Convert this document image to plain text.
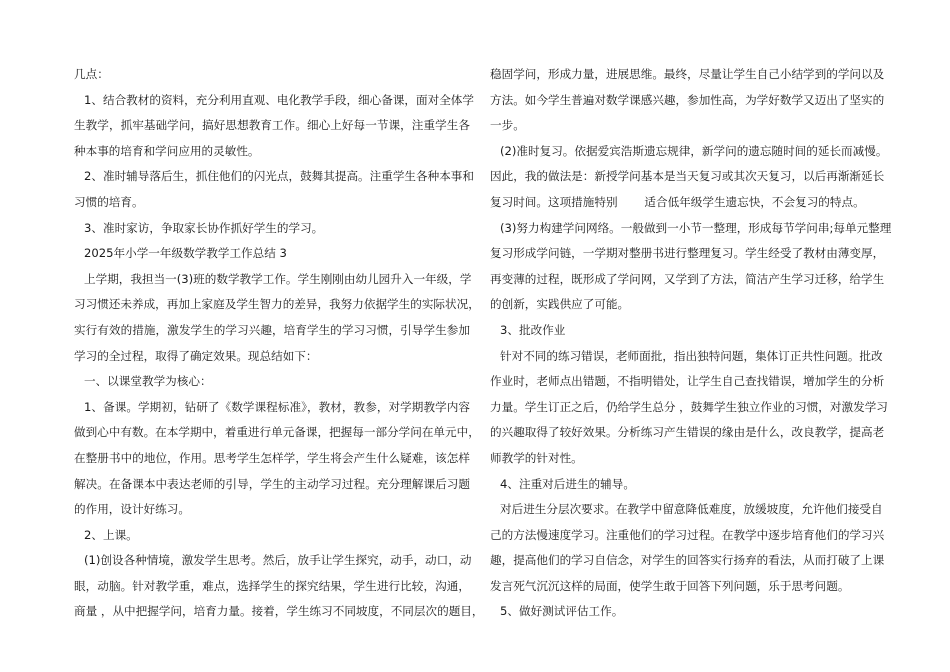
几点：
1、结合教材的资料，充分利用直观、电化教学手段，细心备课，面对全体学
生教学，抓牢基础学问，搞好思想教育工作。细心上好每一节课，注重学生各
种本事的培育和学问应用的灵敏性。
2、准时辅导落后生，抓住他们的闪光点，鼓舞其提高。注重学生各种本事和
习惯的培育。
3、准时家访，争取家长协作抓好学生的学习。
2025年小学一年级数学教学工作总结 3
上学期，我担当一(3)班的数学教学工作。学生刚刚由幼儿园升入一年级，学
习习惯还未养成，再加上家庭及学生智力的差异，我努力依据学生的实际状况，
实行有效的措施，激发学生的学习兴趣，培育学生的学习习惯，引导学生参加
学习的全过程，取得了确定效果。现总结如下：
一、以课堂教学为核心：
1、备课。学期初，钻研了《数学课程标准》，教材，教参，对学期教学内容
做到心中有数。在本学期中，着重进行单元备课，把握每一部分学问在单元中，
在整册书中的地位，作用。思考学生怎样学，学生将会产生什么疑难，该怎样
解决。在备课本中表达老师的引导，学生的主动学习过程。充分理解课后习题
的作用，设计好练习。
2、上课。
(1)创设各种情境，激发学生思考。然后，放手让学生探究，动手，动口，动
眼，动脑。针对教学重，难点，选择学生的探究结果，学生进行比较，沟通，
商量 ，从中把握学问，培育力量。接着，学生练习不同坡度，不同层次的题目，
稳固学问，形成力量，进展思维。最终，尽量让学生自己小结学到的学问以及
方法。如今学生普遍对数学课感兴趣，参加性高，为学好数学又迈出了坚实的
一步。
(2)准时复习。依据爱宾浩斯遗忘规律，新学问的遗忘随时间的延长而减慢。
因此，我的做法是：新授学问基本是当天复习或其次天复习，以后再渐渐延长
复习时间。这项措施特别　　 适合低年级学生遗忘快，不会复习的特点。
(3)努力构建学问网络。一般做到一小节一整理，形成每节学问串;每单元整理
复习形成学问链，一学期对整册书进行整理复习。学生经受了教材由薄变厚，
再变薄的过程，既形成了学问网，又学到了方法，简洁产生学习迁移，给学生
的创新，实践供应了可能。
3、批改作业
针对不同的练习错误，老师面批，指出独特问题，集体订正共性问题。批改
作业时，老师点出错题，不指明错处，让学生自己查找错误，增加学生的分析
力量。学生订正之后，仍给学生总分 ，鼓舞学生独立作业的习惯，对激发学习
的兴趣取得了较好效果。分析练习产生错误的缘由是什么，改良教学，提高老
师教学的针对性。
4、注重对后进生的辅导。
对后进生分层次要求。在教学中留意降低难度，放缓坡度，允许他们接受自
己的方法慢速度学习。注重他们的学习过程。在教学中逐步培育他们的学习兴
趣，提高他们的学习自信念，对学生的回答实行扬弃的看法，从而打破了上课
发言死气沉沉这样的局面，使学生敢于回答下列问题，乐于思考问题。
5、做好测试评估工作。
